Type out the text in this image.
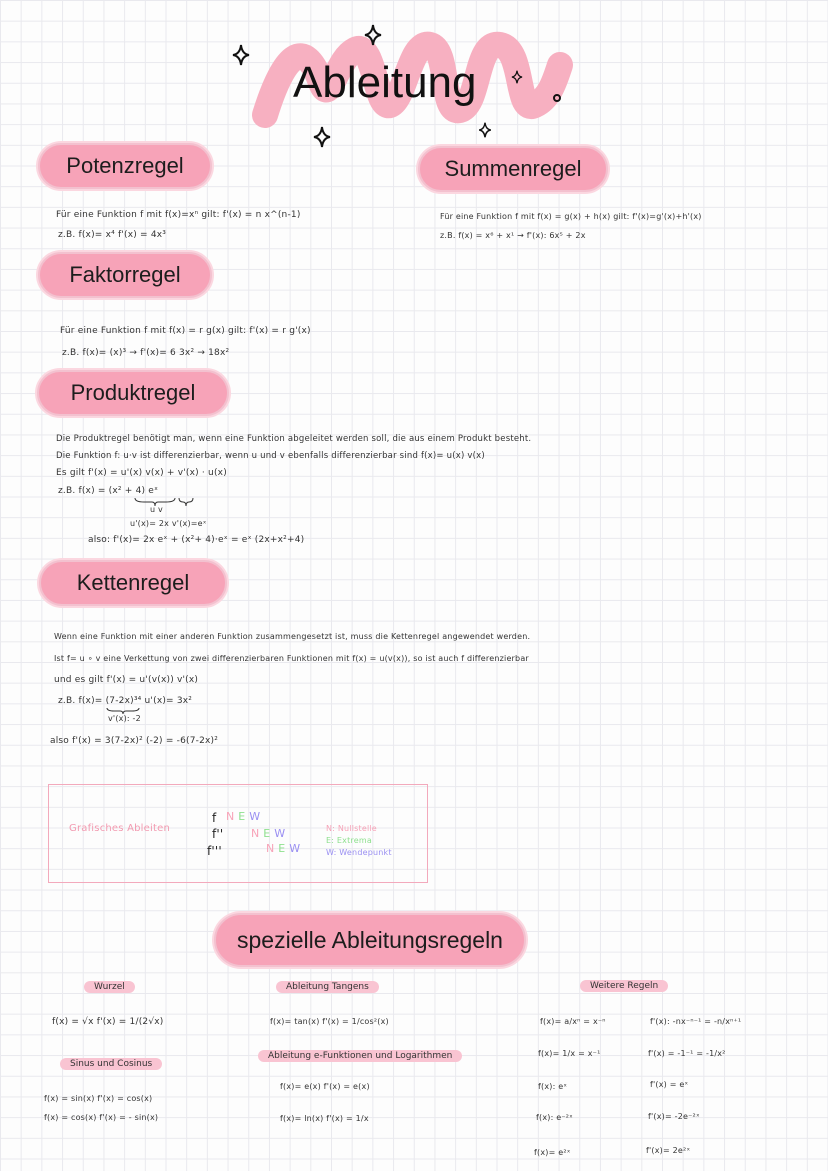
Ableitung
Potenzregel
Für eine Funktion f mit f(x)=xⁿ gilt: f'(x) = n x^(n-1)
z.B. f(x)= x⁴ f'(x) = 4x³
Summenregel
Für eine Funktion f mit f(x) = g(x) + h(x) gilt: f'(x)=g'(x)+h'(x)
z.B. f(x) = x⁶ + x¹ → f'(x): 6x⁵ + 2x
Faktorregel
Für eine Funktion f mit f(x) = r g(x) gilt: f'(x) = r g'(x)
z.B. f(x)= (x)³ → f'(x)= 6 3x² → 18x²
Produktregel
Die Produktregel benötigt man, wenn eine Funktion abgeleitet werden soll, die aus einem Produkt besteht.
Die Funktion f: u·v ist differenzierbar, wenn u und v ebenfalls differenzierbar sind f(x)= u(x) v(x)
Es gilt f'(x) = u'(x) v(x) + v'(x) · u(x)
z.B. f(x) = (x² + 4) eˣ
u v
u'(x)= 2x v'(x)=eˣ
also: f'(x)= 2x eˣ + (x²+ 4)·eˣ = eˣ (2x+x²+4)
Kettenregel
Wenn eine Funktion mit einer anderen Funktion zusammengesetzt ist, muss die Kettenregel angewendet werden.
Ist f= u ∘ v eine Verkettung von zwei differenzierbaren Funktionen mit f(x) = u(v(x)), so ist auch f differenzierbar
und es gilt f'(x) = u'(v(x)) v'(x)
z.B. f(x)= (7-2x)³⁴ u'(x)= 3x²
v'(x): -2
also f'(x) = 3(7-2x)² (-2) = -6(7-2x)²
Grafisches Ableiten
f
f''
f'''
NEW
NEW
NEW
N: Nullstelle
E: Extrema
W: Wendepunkt
spezielle Ableitungsregeln
Wurzel
f(x) = √x f'(x) = 1/(2√x)
Sinus und Cosinus
f(x) = sin(x) f'(x) = cos(x)
f(x) = cos(x) f'(x) = - sin(x)
Ableitung Tangens
f(x)= tan(x) f'(x) = 1/cos²(x)
Ableitung e-Funktionen und Logarithmen
f(x)= e(x) f'(x) = e(x)
f(x)= ln(x) f'(x) = 1/x
Weitere Regeln
f(x)= a/xⁿ = x⁻ⁿ	f'(x): -nx⁻ⁿ⁻¹ = -n/xⁿ⁺¹
f(x)= 1/x = x⁻¹	f'(x) = -1⁻¹ = -1/x²
f(x): eˣ	f'(x) = eˣ
f(x): e⁻²ˣ	f'(x)= -2e⁻²ˣ
f(x)= e²ˣ	f'(x)= 2e²ˣ
